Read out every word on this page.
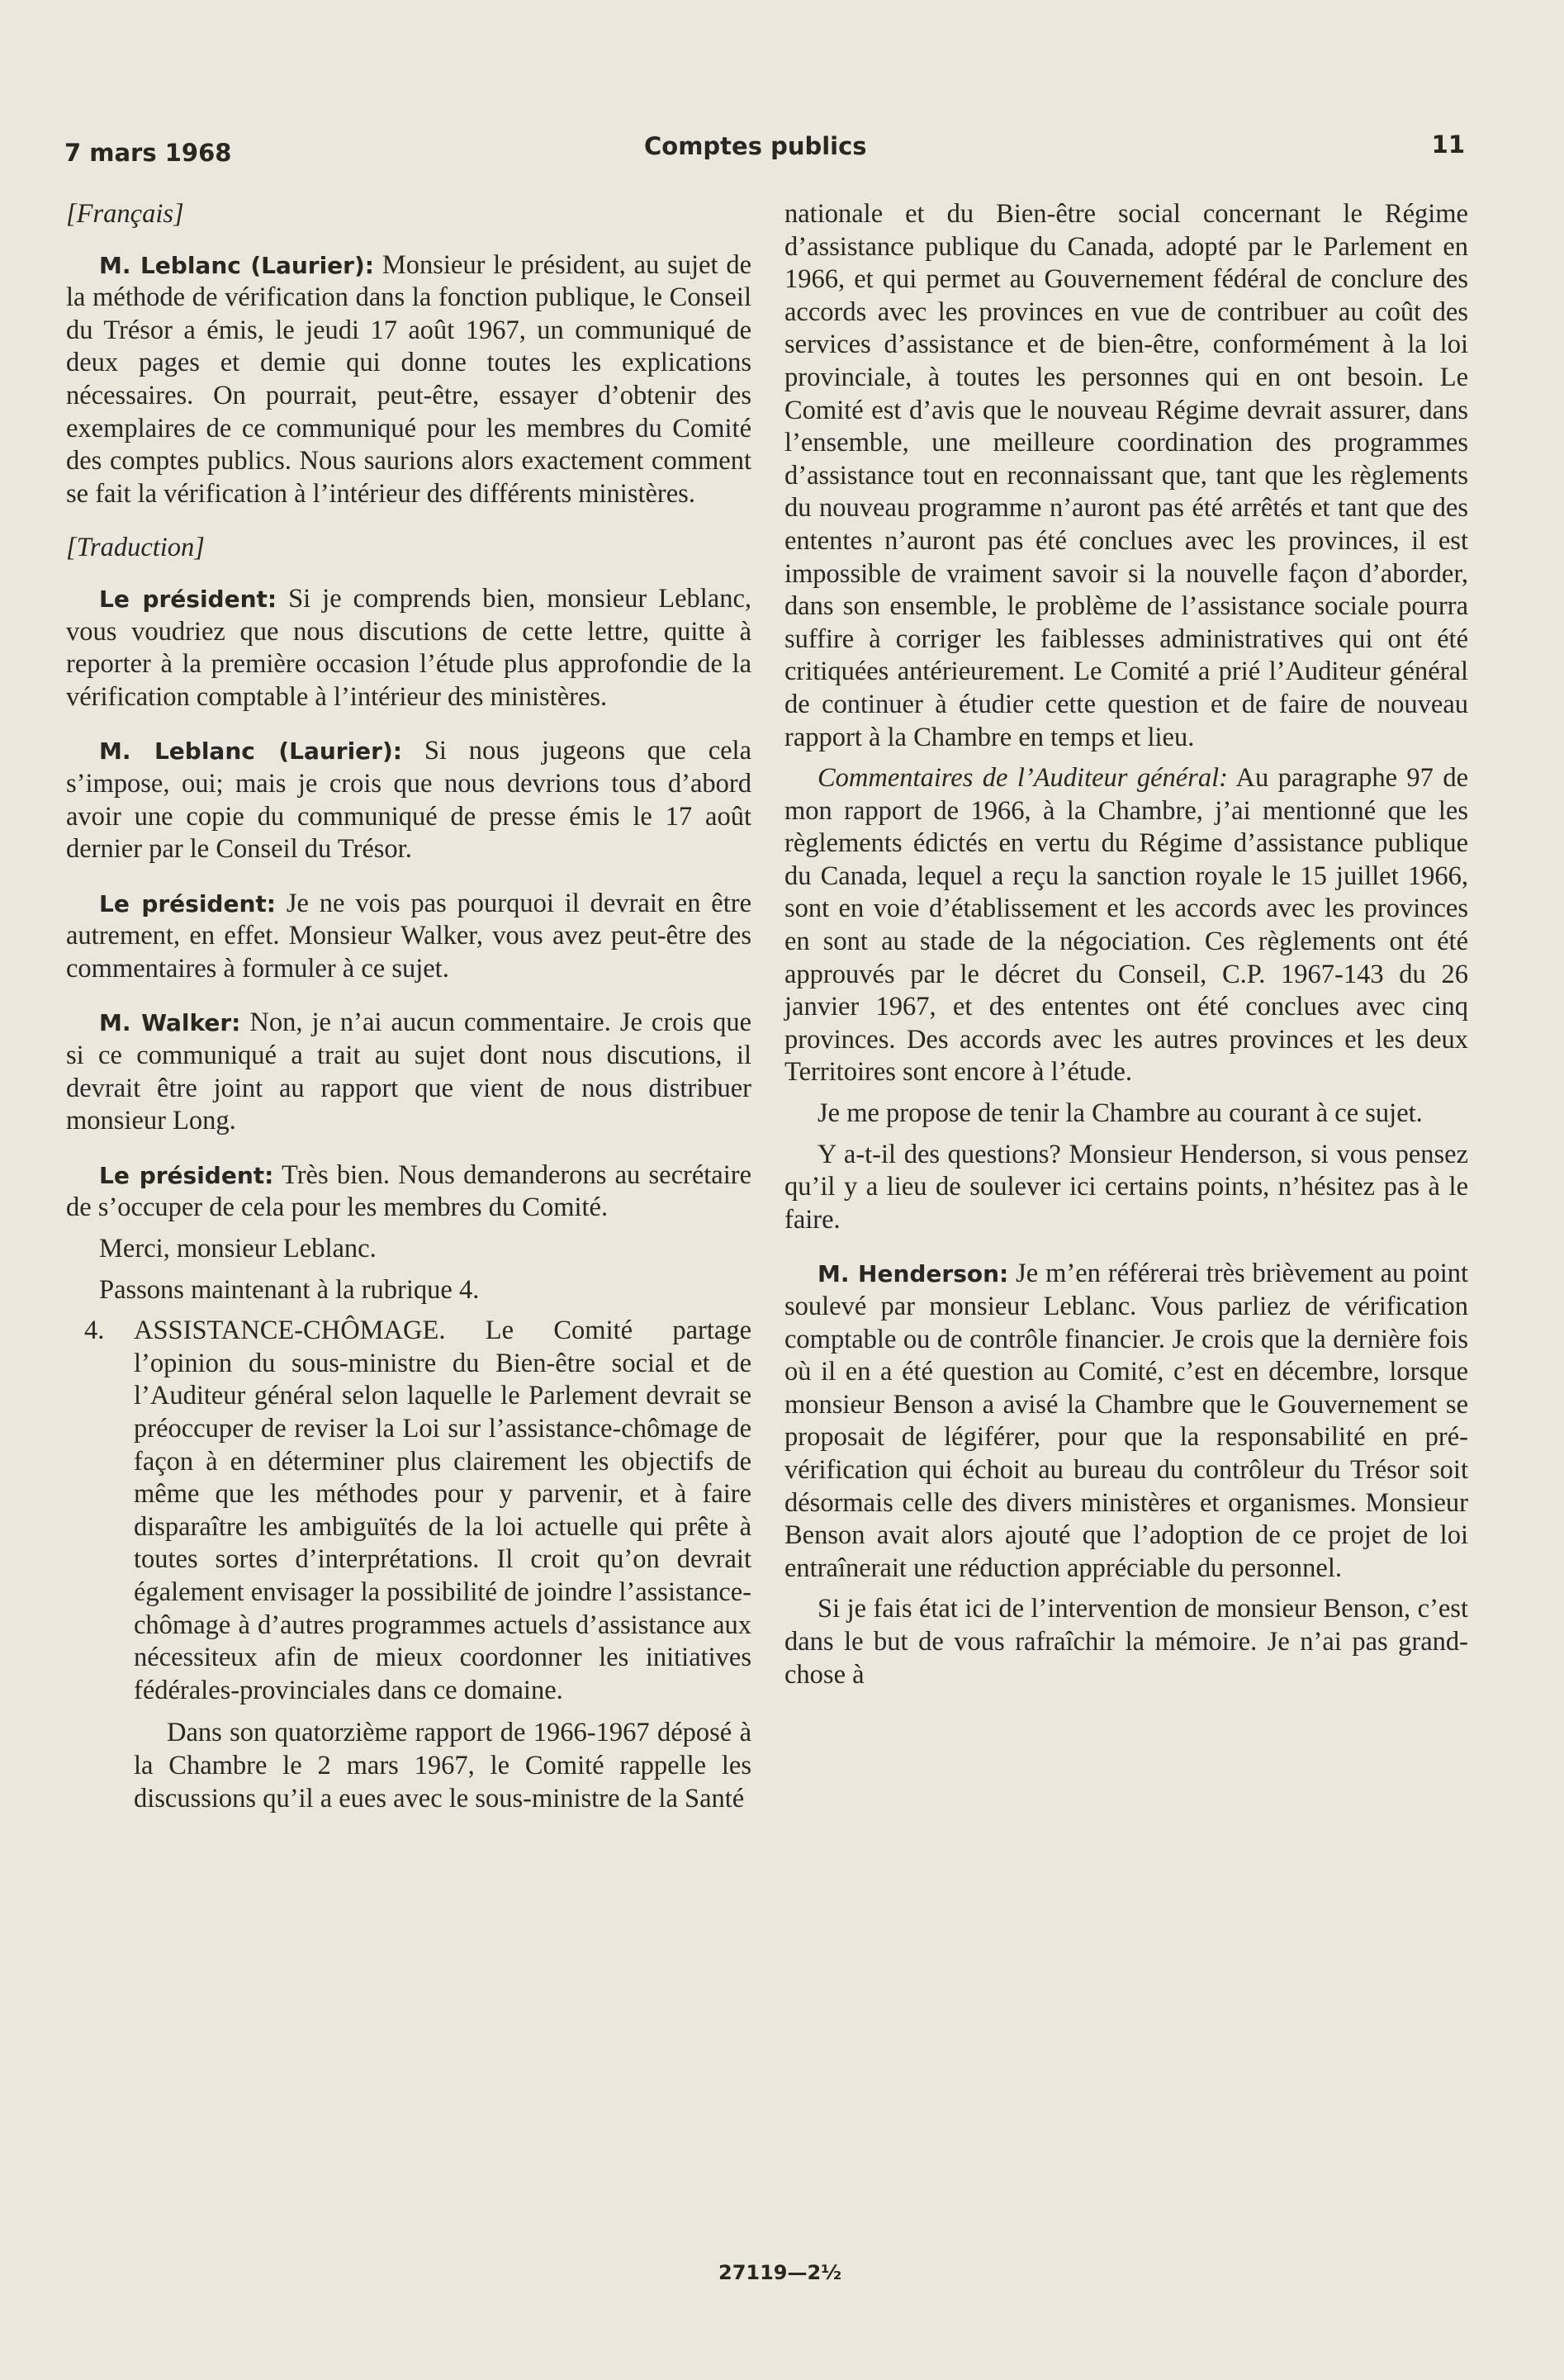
7 mars 1968	Comptes publics	11

[Français]

M. Leblanc (Laurier): Monsieur le président, au sujet de la méthode de vérification dans la fonction publique, le Conseil du Trésor a émis, le jeudi 17 août 1967, un communiqué de deux pages et demie qui donne toutes les explications nécessaires. On pourrait, peut-être, essayer d’obtenir des exemplaires de ce communiqué pour les membres du Comité des comptes publics. Nous saurions alors exactement comment se fait la vérification à l’intérieur des différents ministères.

[Traduction]

Le président: Si je comprends bien, monsieur Leblanc, vous voudriez que nous discutions de cette lettre, quitte à reporter à la première occasion l’étude plus approfondie de la vérification comptable à l’intérieur des ministères.

M. Leblanc (Laurier): Si nous jugeons que cela s’impose, oui; mais je crois que nous devrions tous d’abord avoir une copie du communiqué de presse émis le 17 août dernier par le Conseil du Trésor.

Le président: Je ne vois pas pourquoi il devrait en être autrement, en effet. Monsieur Walker, vous avez peut-être des commentaires à formuler à ce sujet.

M. Walker: Non, je n’ai aucun commentaire. Je crois que si ce communiqué a trait au sujet dont nous discutions, il devrait être joint au rapport que vient de nous distribuer monsieur Long.

Le président: Très bien. Nous demanderons au secrétaire de s’occuper de cela pour les membres du Comité.

Merci, monsieur Leblanc.

Passons maintenant à la rubrique 4.

4. ASSISTANCE-CHÔMAGE. Le Comité partage l’opinion du sous-ministre du Bien-être social et de l’Auditeur général selon laquelle le Parlement devrait se préoccuper de reviser la Loi sur l’assistance-chômage de façon à en déterminer plus clairement les objectifs de même que les méthodes pour y parvenir, et à faire disparaître les ambiguïtés de la loi actuelle qui prête à toutes sortes d’interprétations. Il croit qu’on devrait également envisager la possibilité de joindre l’assistance-chômage à d’autres programmes actuels d’assistance aux nécessiteux afin de mieux coordonner les initiatives fédérales-provinciales dans ce domaine.

Dans son quatorzième rapport de 1966-1967 déposé à la Chambre le 2 mars 1967, le Comité rappelle les discussions qu’il a eues avec le sous-ministre de la Santé

nationale et du Bien-être social concernant le Régime d’assistance publique du Canada, adopté par le Parlement en 1966, et qui permet au Gouvernement fédéral de conclure des accords avec les provinces en vue de contribuer au coût des services d’assistance et de bien-être, conformément à la loi provinciale, à toutes les personnes qui en ont besoin. Le Comité est d’avis que le nouveau Régime devrait assurer, dans l’ensemble, une meilleure coordination des programmes d’assistance tout en reconnaissant que, tant que les règlements du nouveau programme n’auront pas été arrêtés et tant que des ententes n’auront pas été conclues avec les provinces, il est impossible de vraiment savoir si la nouvelle façon d’aborder, dans son ensemble, le problème de l’assistance sociale pourra suffire à corriger les faiblesses administratives qui ont été critiquées antérieurement. Le Comité a prié l’Auditeur général de continuer à étudier cette question et de faire de nouveau rapport à la Chambre en temps et lieu.

Commentaires de l’Auditeur général: Au paragraphe 97 de mon rapport de 1966, à la Chambre, j’ai mentionné que les règlements édictés en vertu du Régime d’assistance publique du Canada, lequel a reçu la sanction royale le 15 juillet 1966, sont en voie d’établissement et les accords avec les provinces en sont au stade de la négociation. Ces règlements ont été approuvés par le décret du Conseil, C.P. 1967-143 du 26 janvier 1967, et des ententes ont été conclues avec cinq provinces. Des accords avec les autres provinces et les deux Territoires sont encore à l’étude.

Je me propose de tenir la Chambre au courant à ce sujet.

Y a-t-il des questions? Monsieur Henderson, si vous pensez qu’il y a lieu de soulever ici certains points, n’hésitez pas à le faire.

M. Henderson: Je m’en référerai très brièvement au point soulevé par monsieur Leblanc. Vous parliez de vérification comptable ou de contrôle financier. Je crois que la dernière fois où il en a été question au Comité, c’est en décembre, lorsque monsieur Benson a avisé la Chambre que le Gouvernement se proposait de légiférer, pour que la responsabilité en pré-vérification qui échoit au bureau du contrôleur du Trésor soit désormais celle des divers ministères et organismes. Monsieur Benson avait alors ajouté que l’adoption de ce projet de loi entraînerait une réduction appréciable du personnel.

Si je fais état ici de l’intervention de monsieur Benson, c’est dans le but de vous rafraîchir la mémoire. Je n’ai pas grand-chose à

27119—2½
